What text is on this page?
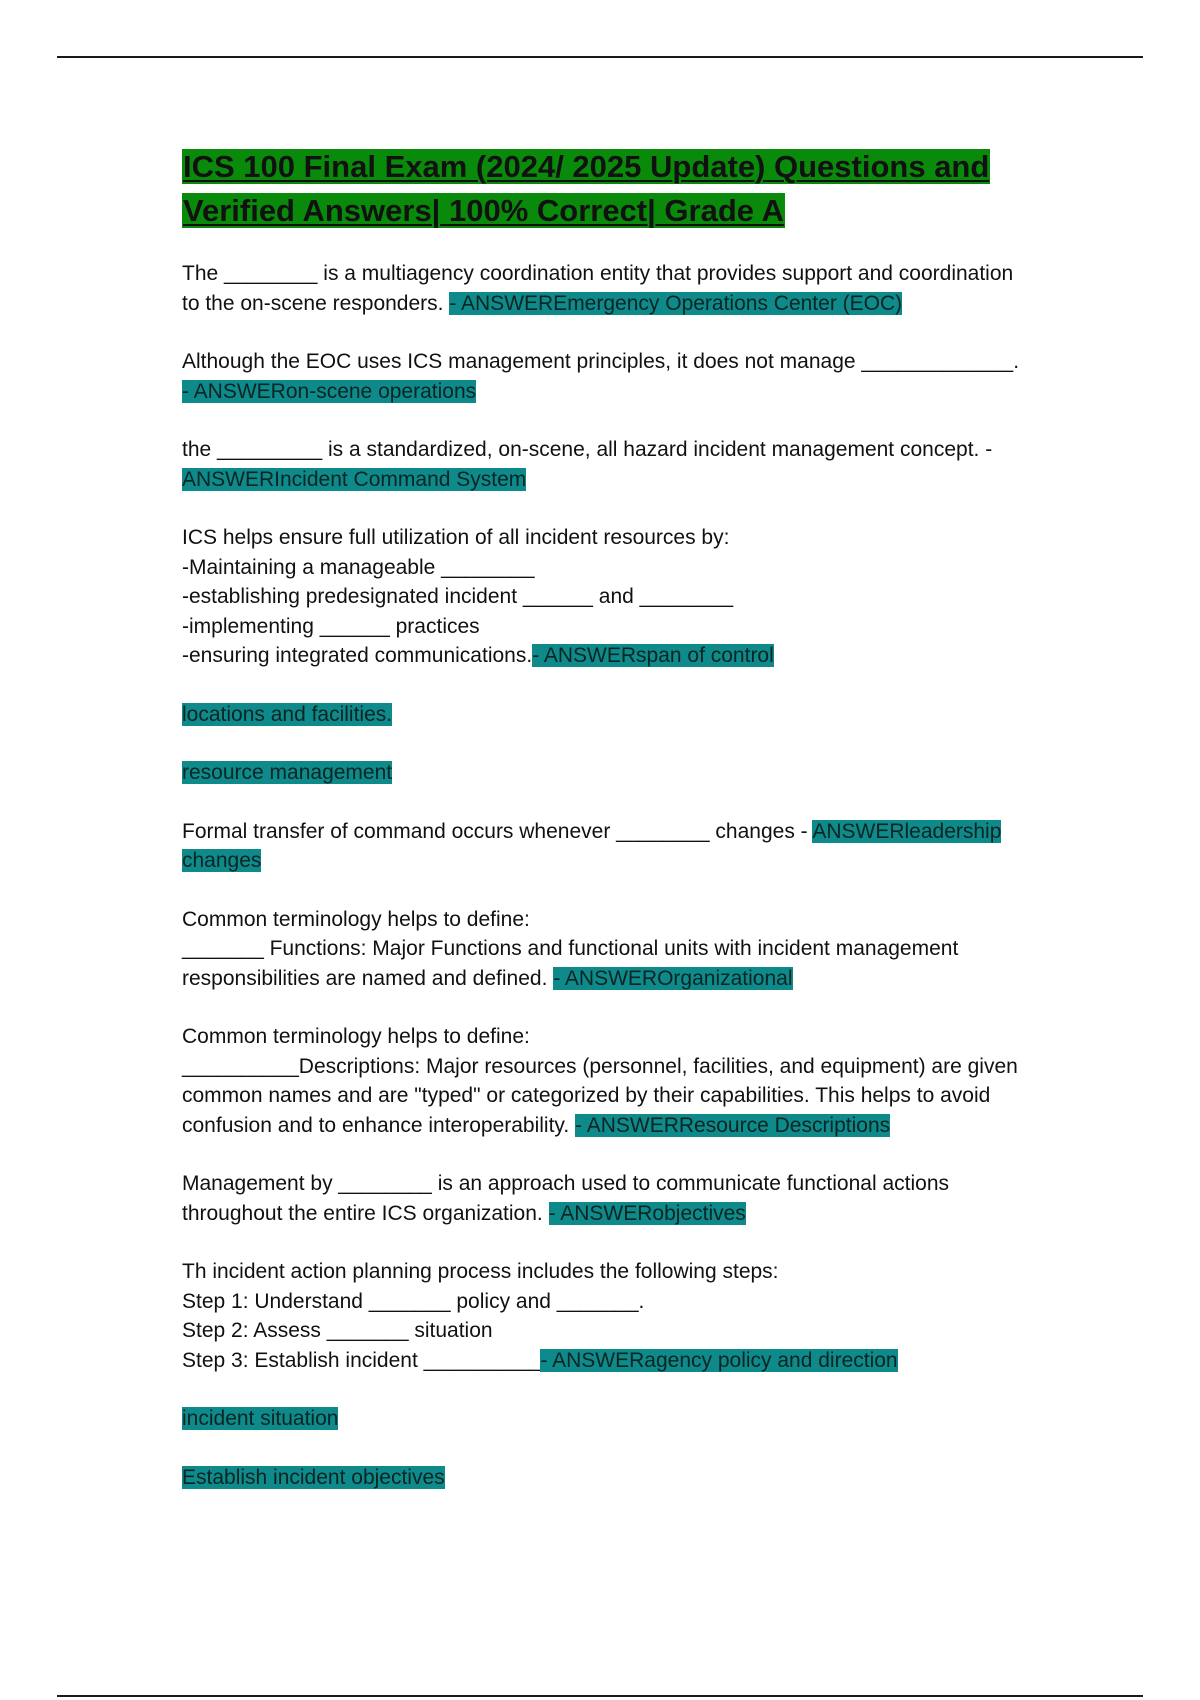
ICS 100 Final Exam (2024/ 2025 Update) Questions and Verified Answers| 100% Correct| Grade A

The ________ is a multiagency coordination entity that provides support and coordination to the on-scene responders. - ANSWEREmergency Operations Center (EOC)

Although the EOC uses ICS management principles, it does not manage _____________. - ANSWERon-scene operations

the _________ is a standardized, on-scene, all hazard incident management concept. - ANSWERIncident Command System

ICS helps ensure full utilization of all incident resources by:
-Maintaining a manageable ________
-establishing predesignated incident ______ and ________
-implementing ______ practices
-ensuring integrated communications.- ANSWERspan of control

locations and facilities.

resource management

Formal transfer of command occurs whenever ________ changes - ANSWERleadership changes

Common terminology helps to define:
_______ Functions: Major Functions and functional units with incident management responsibilities are named and defined. - ANSWEROrganizational

Common terminology helps to define:
__________Descriptions: Major resources (personnel, facilities, and equipment) are given common names and are "typed" or categorized by their capabilities. This helps to avoid confusion and to enhance interoperability. - ANSWERResource Descriptions

Management by ________ is an approach used to communicate functional actions throughout the entire ICS organization. - ANSWERobjectives

Th incident action planning process includes the following steps:
Step 1: Understand _______ policy and _______.
Step 2: Assess _______ situation
Step 3: Establish incident __________- ANSWERagency policy and direction

incident situation

Establish incident objectives
